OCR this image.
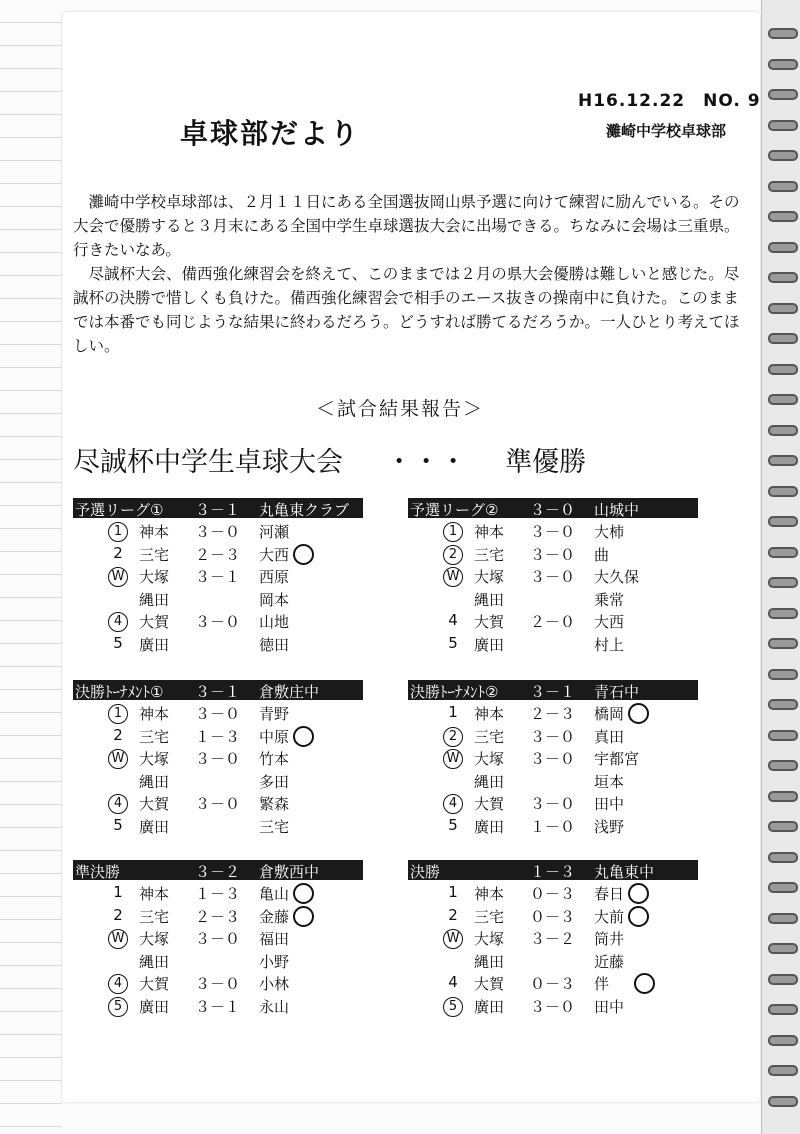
H16.12.22　NO. 9
卓球部だより	灘崎中学校卓球部

　灘崎中学校卓球部は、２月１１日にある全国選抜岡山県予選に向けて練習に励んでいる。その大会で優勝すると３月末にある全国中学生卓球選抜大会に出場できる。ちなみに会場は三重県。行きたいなあ。

　尽誠杯大会、備西強化練習会を終えて、このままでは２月の県大会優勝は難しいと感じた。尽誠杯の決勝で惜しくも負けた。備西強化練習会で相手のエース抜きの操南中に負けた。このままでは本番でも同じような結果に終わるだろう。どうすれば勝てるだろうか。一人ひとり考えてほしい。

＜試合結果報告＞
尽誠杯中学生卓球大会 ・・・ 準優勝
予選リーグ① ３－１ 丸亀東クラブ
1	神本 ３－０ 河瀬
2	三宅 ２－３ 大西
W 大塚 ３－１ 西原
縄田	岡本
4	大賀 ３－０ 山地
5	廣田	徳田
予選リーグ② ３－０ 山城中
1	神本 ３－０ 大柿
2	三宅 ３－０ 曲
W 大塚 ３－０ 大久保
縄田	乗常
4	大賀 ２－０ 大西
5	廣田	村上
決勝ﾄｰﾅﾒﾝﾄ① ３－１ 倉敷庄中
1	神本 ３－０ 青野
2	三宅 １－３ 中原
W 大塚 ３－０ 竹本
縄田	多田
4	大賀 ３－０ 繁森
5	廣田	三宅
決勝ﾄｰﾅﾒﾝﾄ② ３－１ 青石中
1	神本 ２－３ 橋岡
2	三宅 ３－０ 真田
W 大塚 ３－０ 宇都宮
縄田	垣本
4	大賀 ３－０ 田中
5	廣田 １－０ 浅野
準決勝	３－２ 倉敷西中
1	神本 １－３ 亀山
2	三宅 ２－３ 金藤
W 大塚 ３－０ 福田
縄田	小野
4	大賀 ３－０ 小林
5	廣田 ３－１ 永山
決勝	１－３ 丸亀東中
1	神本 ０－３ 春日
2	三宅 ０－３ 大前
W 大塚 ３－２ 筒井
縄田	近藤
4	大賀 ０－３ 伴
5	廣田 ３－０ 田中
